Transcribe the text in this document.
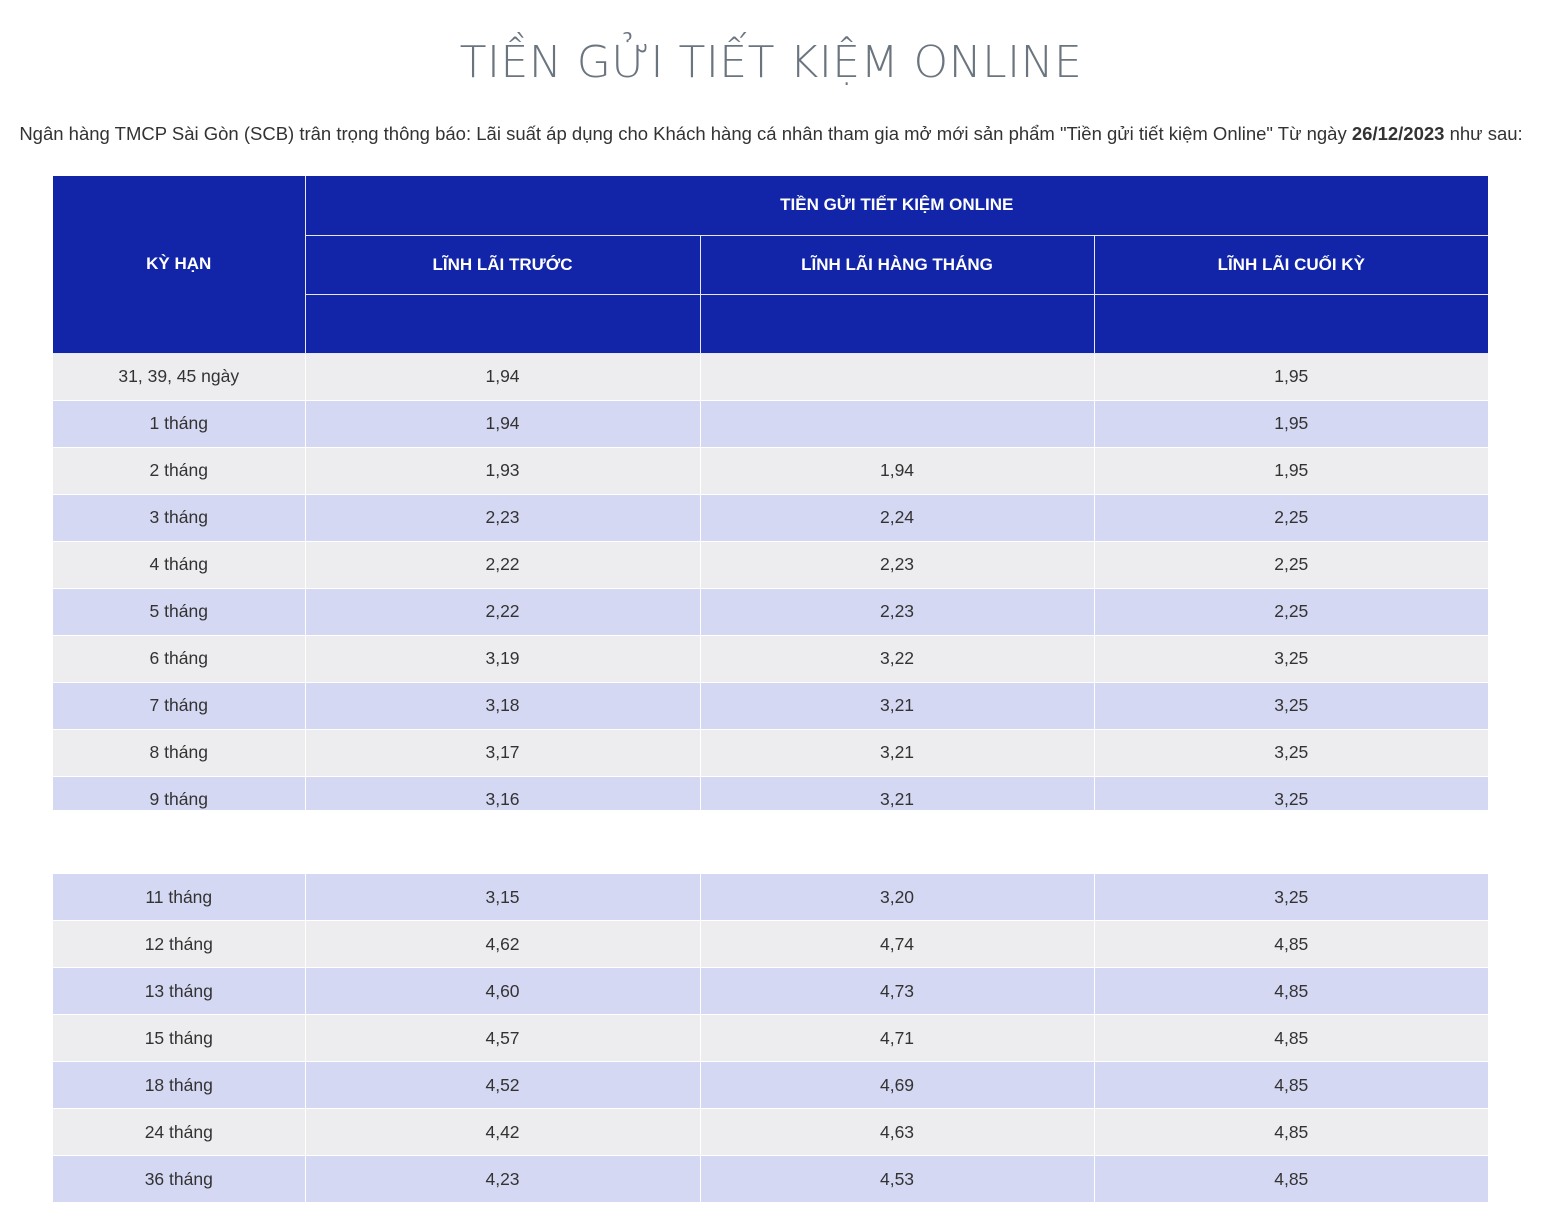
TIỀN GỬI TIẾT KIỆM ONLINE

Ngân hàng TMCP Sài Gòn (SCB) trân trọng thông báo: Lãi suất áp dụng cho Khách hàng cá nhân tham gia mở mới sản phẩm "Tiền gửi tiết kiệm Online" Từ ngày 26/12/2023 như sau:

KỲ HẠN	TIỀN GỬI TIẾT KIỆM ONLINE		
	LĨNH LÃI TRƯỚC	LĨNH LÃI HÀNG THÁNG	LĨNH LÃI CUỐI KỲ

31, 39, 45 ngày	1,94		1,95
1 tháng	1,94		1,95
2 tháng	1,93	1,94	1,95
3 tháng	2,23	2,24	2,25
4 tháng	2,22	2,23	2,25
5 tháng	2,22	2,23	2,25
6 tháng	3,19	3,22	3,25
7 tháng	3,18	3,21	3,25
8 tháng	3,17	3,21	3,25
9 tháng	3,16	3,21	3,25
11 tháng	3,15	3,20	3,25
12 tháng	4,62	4,74	4,85
13 tháng	4,60	4,73	4,85
15 tháng	4,57	4,71	4,85
18 tháng	4,52	4,69	4,85
24 tháng	4,42	4,63	4,85
36 tháng	4,23	4,53	4,85
